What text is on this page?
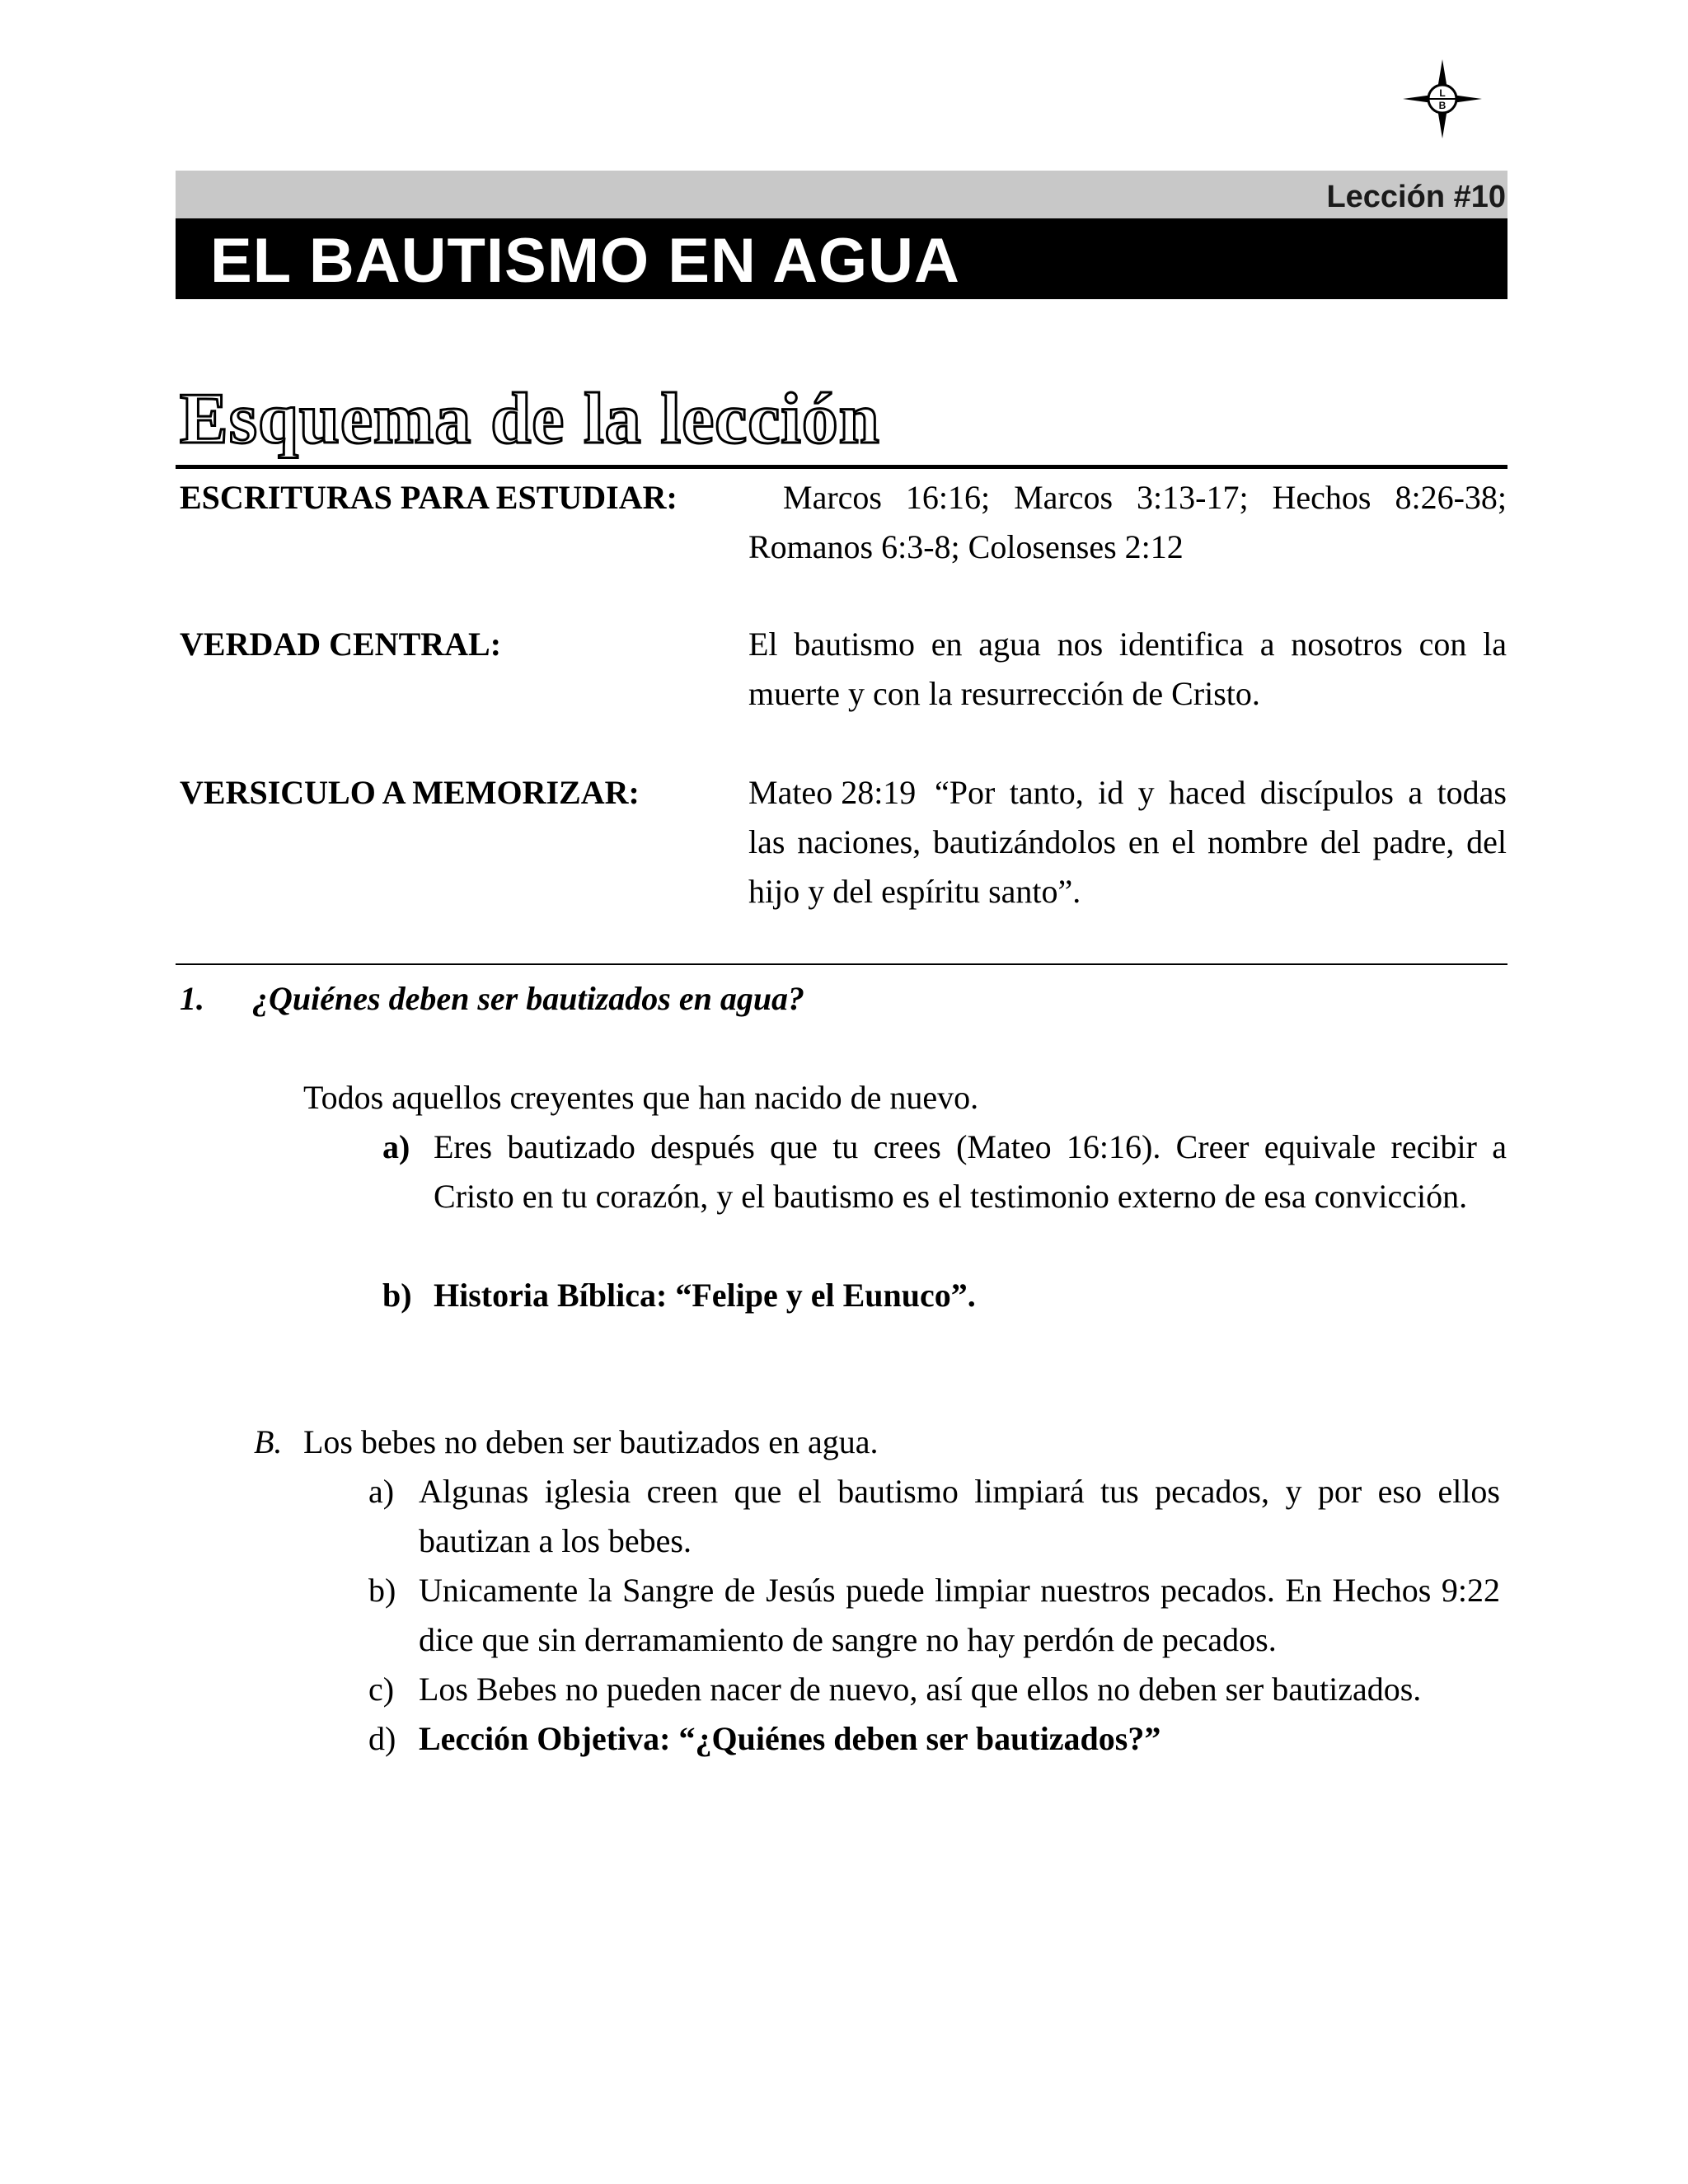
L
B
Lección #10
EL BAUTISMO EN AGUA
Esquema de la lección
ESCRITURAS PARA ESTUDIAR:	Marcos 16:16; Marcos 3:13-17; Hechos 8:26-38;
Romanos 6:3-8; Colosenses 2:12
VERDAD CENTRAL:	El bautismo en agua nos identifica a nosotros con la muerte y con la resurrección de Cristo.
VERSICULO A MEMORIZAR:	Mateo 28:19 “Por tanto, id y haced discípulos a todas las naciones, bautizándolos en el nombre del padre, del hijo y del espíritu santo”.
1. ¿Quiénes deben ser bautizados en agua?
Todos aquellos creyentes que han nacido de nuevo.
a) Eres bautizado después que tu crees (Mateo 16:16). Creer equivale recibir a Cristo en tu corazón, y el bautismo es el testimonio externo de esa convicción.
b) Historia Bíblica: “Felipe y el Eunuco”.
B. Los bebes no deben ser bautizados en agua.
a) Algunas iglesia creen que el bautismo limpiará tus pecados, y por eso ellos bautizan a los bebes.
b) Unicamente la Sangre de Jesús puede limpiar nuestros pecados. En Hechos 9:22 dice que sin derramamiento de sangre no hay perdón de pecados.
c) Los Bebes no pueden nacer de nuevo, así que ellos no deben ser bautizados.
d) Lección Objetiva: “¿Quiénes deben ser bautizados?”
